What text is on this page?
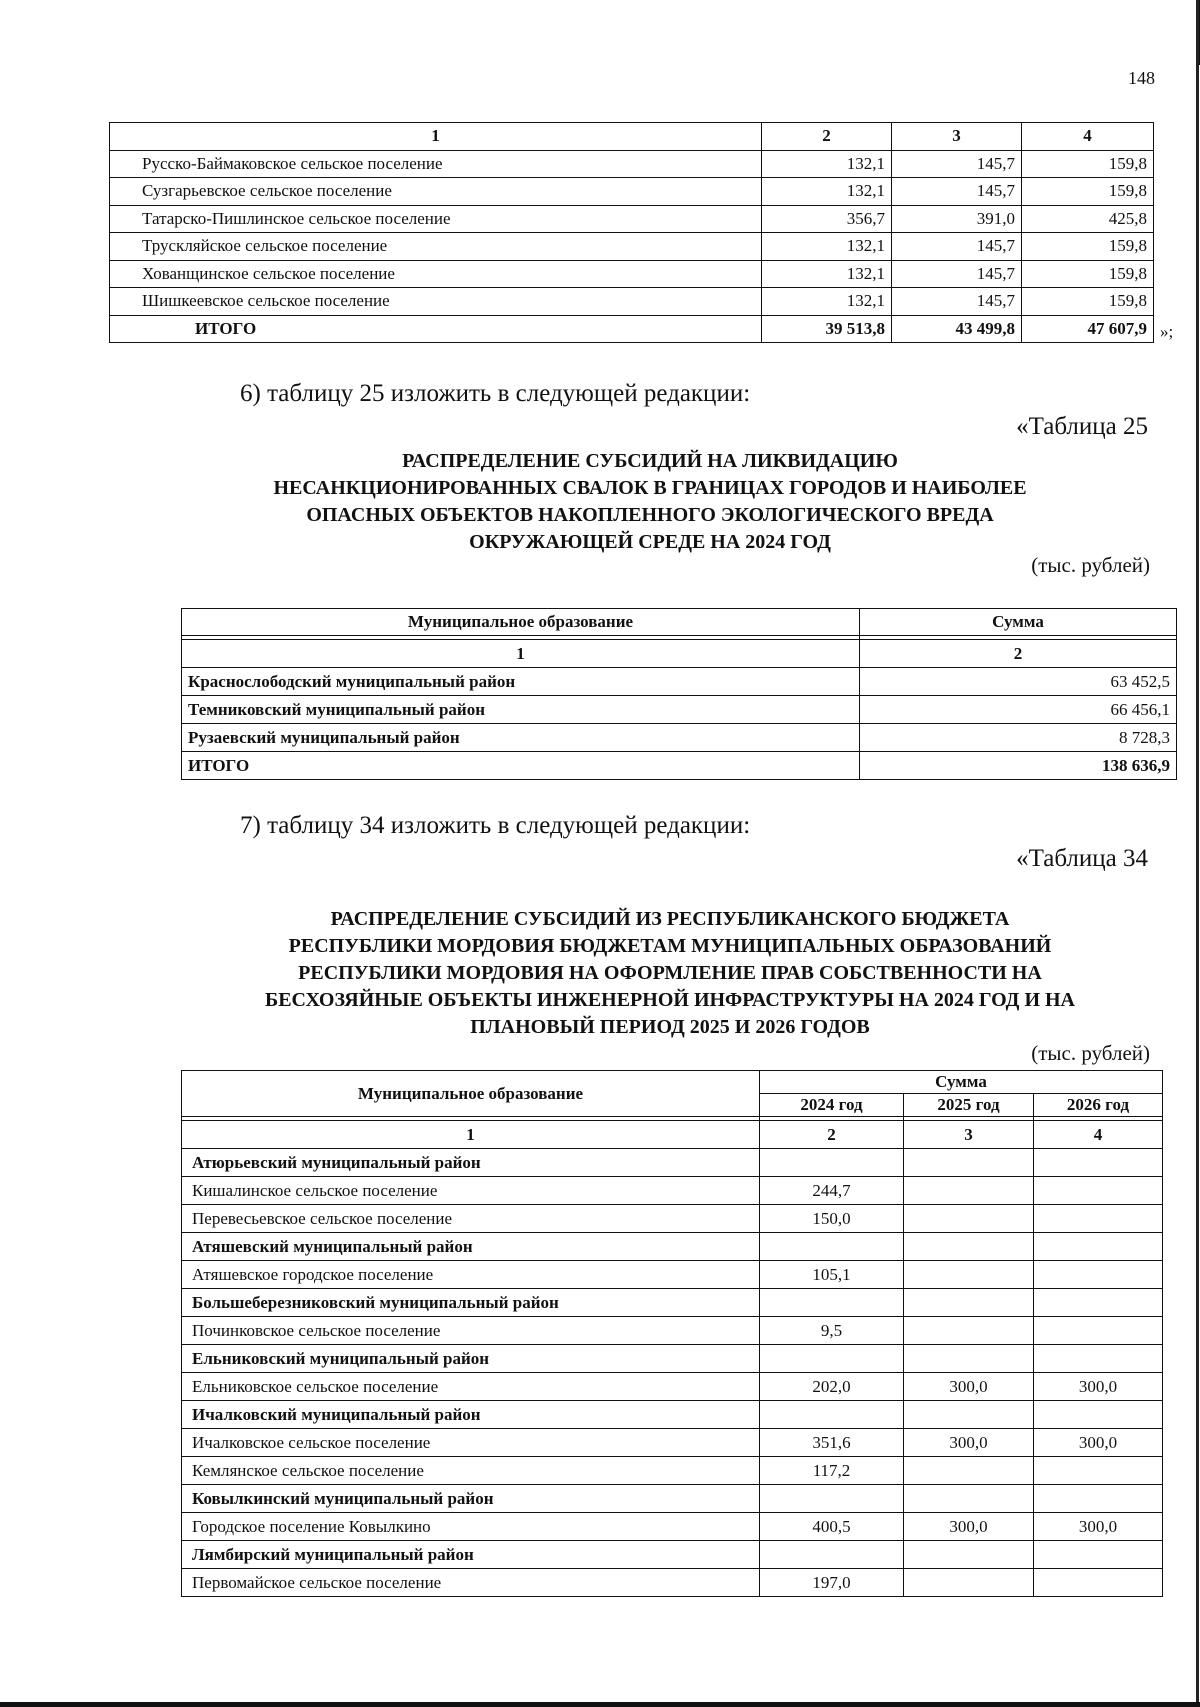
148
1	2	3	4
Русско-Баймаковское сельское поселение	132,1	145,7	159,8
Сузгарьевское сельское поселение	132,1	145,7	159,8
Татарско-Пишлинское сельское поселение	356,7	391,0	425,8
Трускляйское сельское поселение	132,1	145,7	159,8
Хованщинское сельское поселение	132,1	145,7	159,8
Шишкеевское сельское поселение	132,1	145,7	159,8
ИТОГО	39 513,8	43 499,8	47 607,9 »;
6) таблицу 25 изложить в следующей редакции:
«Таблица 25
РАСПРЕДЕЛЕНИЕ СУБСИДИЙ НА ЛИКВИДАЦИЮ
НЕСАНКЦИОНИРОВАННЫХ СВАЛОК В ГРАНИЦАХ ГОРОДОВ И НАИБОЛЕЕ
ОПАСНЫХ ОБЪЕКТОВ НАКОПЛЕННОГО ЭКОЛОГИЧЕСКОГО ВРЕДА
ОКРУЖАЮЩЕЙ СРЕДЕ НА 2024 ГОД
(тыс. рублей)
Муниципальное образование	Сумма

1	2
Краснослободский муниципальный район	63 452,5
Темниковский муниципальный район	66 456,1
Рузаевский муниципальный район	8 728,3
ИТОГО	138 636,9
7) таблицу 34 изложить в следующей редакции:
«Таблица 34
РАСПРЕДЕЛЕНИЕ СУБСИДИЙ ИЗ РЕСПУБЛИКАНСКОГО БЮДЖЕТА
РЕСПУБЛИКИ МОРДОВИЯ БЮДЖЕТАМ МУНИЦИПАЛЬНЫХ ОБРАЗОВАНИЙ
РЕСПУБЛИКИ МОРДОВИЯ НА ОФОРМЛЕНИЕ ПРАВ СОБСТВЕННОСТИ НА
БЕСХОЗЯЙНЫЕ ОБЪЕКТЫ ИНЖЕНЕРНОЙ ИНФРАСТРУКТУРЫ НА 2024 ГОД И НА
ПЛАНОВЫЙ ПЕРИОД 2025 И 2026 ГОДОВ
(тыс. рублей)
Муниципальное образование	Сумма		
	2024 год	2025 год	2026 год

1	2	3	4
Атюрьевский муниципальный район			
Кишалинское сельское поселение	244,7		
Перевесьевское сельское поселение	150,0		
Атяшевский муниципальный район			
Атяшевское городское поселение	105,1		
Большеберезниковский муниципальный район			
Починковское сельское поселение	9,5		
Ельниковский муниципальный район			
Ельниковское сельское поселение	202,0	300,0	300,0
Ичалковский муниципальный район			
Ичалковское сельское поселение	351,6	300,0	300,0
Кемлянское сельское поселение	117,2		
Ковылкинский муниципальный район			
Городское поселение Ковылкино	400,5	300,0	300,0
Лямбирский муниципальный район			
Первомайское сельское поселение	197,0		
